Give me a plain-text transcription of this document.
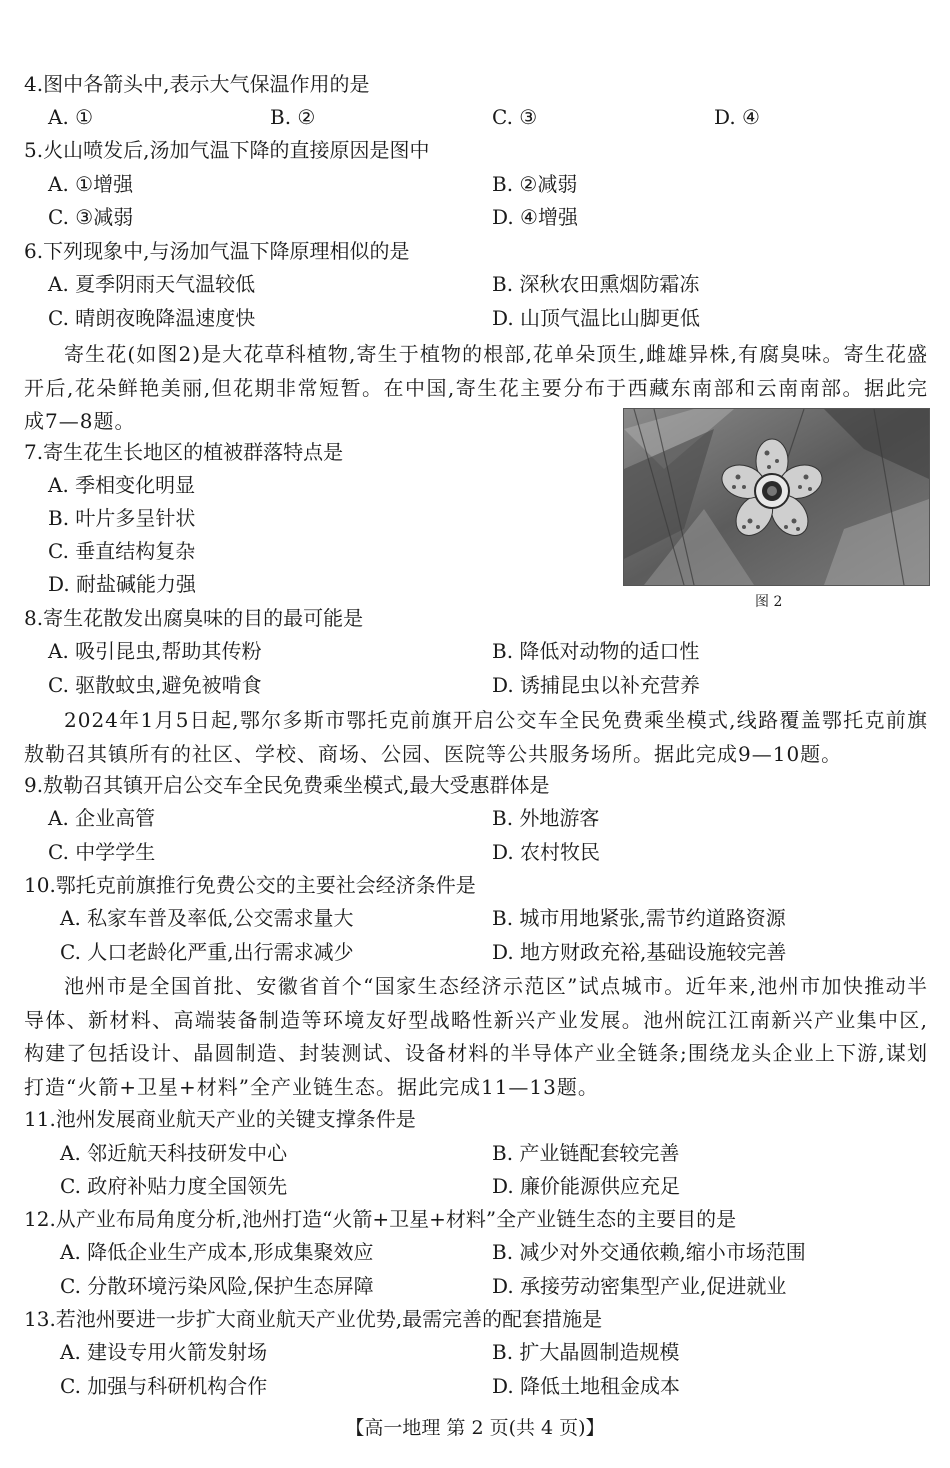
4.图中各箭头中,表示大气保温作用的是
A. ①	B. ②	C. ③	D. ④
5.火山喷发后,汤加气温下降的直接原因是图中
A. ①增强	B. ②减弱
C. ③减弱	D. ④增强
6.下列现象中,与汤加气温下降原理相似的是
A. 夏季阴雨天气温较低	B. 深秋农田熏烟防霜冻
C. 晴朗夜晚降温速度快	D. 山顶气温比山脚更低
寄生花(如图2)是大花草科植物,寄生于植物的根部,花单朵顶生,雌雄异株,有腐臭味。寄生花盛开后,花朵鲜艳美丽,但花期非常短暂。在中国,寄生花主要分布于西藏东南部和云南南部。据此完成7—8题。
图 2
7.寄生花生长地区的植被群落特点是
A. 季相变化明显
B. 叶片多呈针状
C. 垂直结构复杂
D. 耐盐碱能力强
8.寄生花散发出腐臭味的目的最可能是
A. 吸引昆虫,帮助其传粉	B. 降低对动物的适口性
C. 驱散蚊虫,避免被啃食	D. 诱捕昆虫以补充营养
2024年1月5日起,鄂尔多斯市鄂托克前旗开启公交车全民免费乘坐模式,线路覆盖鄂托克前旗敖勒召其镇所有的社区、学校、商场、公园、医院等公共服务场所。据此完成9—10题。
9.敖勒召其镇开启公交车全民免费乘坐模式,最大受惠群体是
A. 企业高管	B. 外地游客
C. 中学学生	D. 农村牧民
10.鄂托克前旗推行免费公交的主要社会经济条件是
A. 私家车普及率低,公交需求量大	B. 城市用地紧张,需节约道路资源
C. 人口老龄化严重,出行需求减少	D. 地方财政充裕,基础设施较完善
池州市是全国首批、安徽省首个“国家生态经济示范区”试点城市。近年来,池州市加快推动半导体、新材料、高端装备制造等环境友好型战略性新兴产业发展。池州皖江江南新兴产业集中区,构建了包括设计、晶圆制造、封装测试、设备材料的半导体产业全链条;围绕龙头企业上下游,谋划打造“火箭+卫星+材料”全产业链生态。据此完成11—13题。
11.池州发展商业航天产业的关键支撑条件是
A. 邻近航天科技研发中心	B. 产业链配套较完善
C. 政府补贴力度全国领先	D. 廉价能源供应充足
12.从产业布局角度分析,池州打造“火箭+卫星+材料”全产业链生态的主要目的是
A. 降低企业生产成本,形成集聚效应	B. 减少对外交通依赖,缩小市场范围
C. 分散环境污染风险,保护生态屏障	D. 承接劳动密集型产业,促进就业
13.若池州要进一步扩大商业航天产业优势,最需完善的配套措施是
A. 建设专用火箭发射场	B. 扩大晶圆制造规模
C. 加强与科研机构合作	D. 降低土地租金成本
【高一地理 第 2 页(共 4 页)】
